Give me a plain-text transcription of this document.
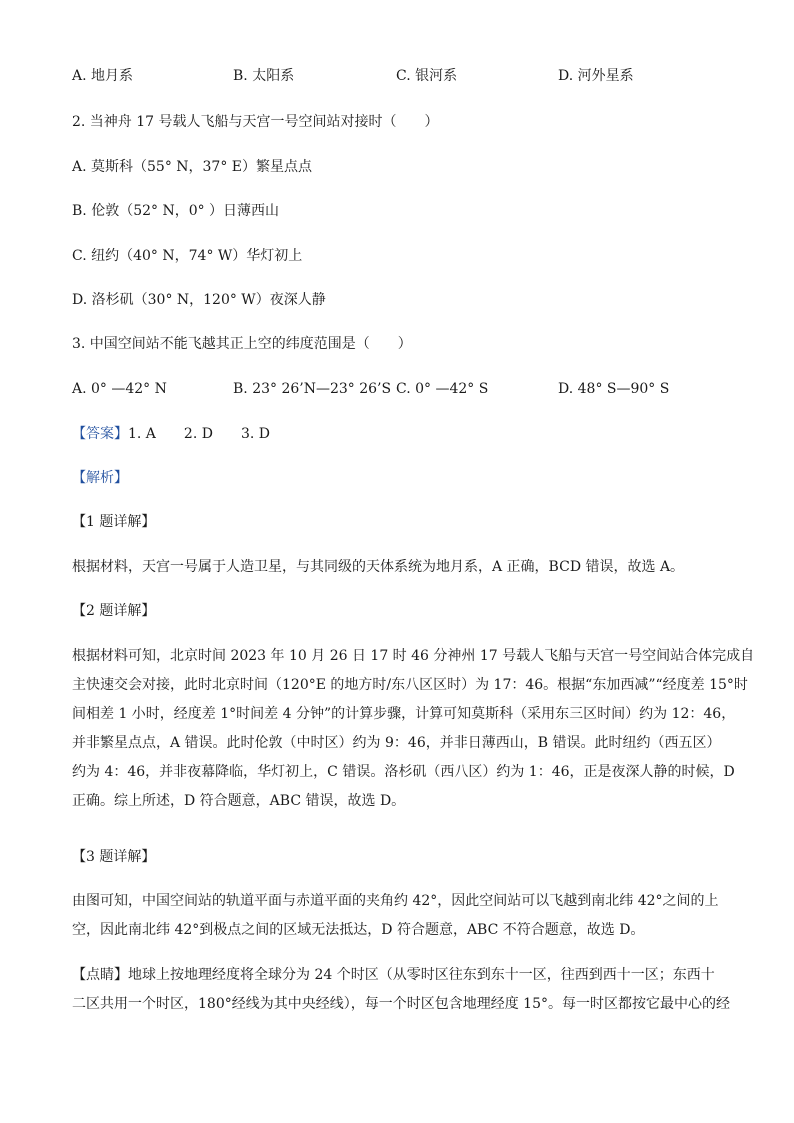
A. 地月系	B. 太阳系	C. 银河系	D. 河外星系
2. 当神舟 17 号载人飞船与天宫一号空间站对接时（　　）
A. 莫斯科（55° N，37° E）繁星点点
B. 伦敦（52° N，0° ）日薄西山
C. 纽约（40° N，74° W）华灯初上
D. 洛杉矶（30° N，120° W）夜深人静
3. 中国空间站不能飞越其正上空的纬度范围是（　　）
A. 0° —42° N	B. 23° 26’N—23° 26’S C. 0° —42° S	D. 48° S—90° S
【答案】1. A　　2. D　　3. D
【解析】
【1 题详解】
根据材料，天宫一号属于人造卫星，与其同级的天体系统为地月系，A 正确，BCD 错误，故选 A。
【2 题详解】
根据材料可知，北京时间 2023 年 10 月 26 日 17 时 46 分神州 17 号载人飞船与天宫一号空间站合体完成自
主快速交会对接，此时北京时间（120°E 的地方时/东八区区时）为 17：46。根据“东加西减”“经度差 15°时
间相差 1 小时，经度差 1°时间差 4 分钟”的计算步骤，计算可知莫斯科（采用东三区时间）约为 12：46，
并非繁星点点，A 错误。此时伦敦（中时区）约为 9：46，并非日薄西山，B 错误。此时纽约（西五区）
约为 4：46，并非夜幕降临，华灯初上，C 错误。洛杉矶（西八区）约为 1：46，正是夜深人静的时候，D
正确。综上所述，D 符合题意，ABC 错误，故选 D。
【3 题详解】
由图可知，中国空间站的轨道平面与赤道平面的夹角约 42°，因此空间站可以飞越到南北纬 42°之间的上
空，因此南北纬 42°到极点之间的区域无法抵达，D 符合题意，ABC 不符合题意，故选 D。
【点睛】地球上按地理经度将全球分为 24 个时区（从零时区往东到东十一区，往西到西十一区；东西十
二区共用一个时区，180°经线为其中央经线），每一个时区包含地理经度 15°。每一时区都按它最中心的经
